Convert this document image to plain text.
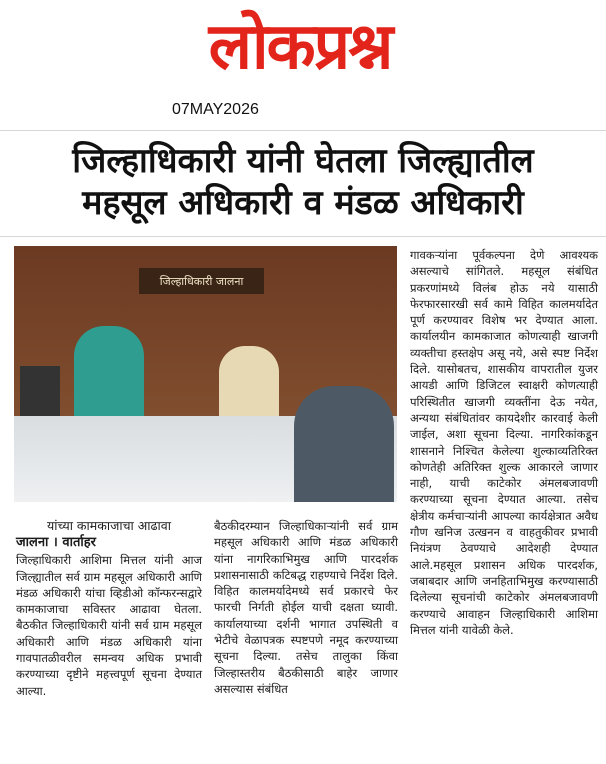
लोकप्रश्न
07MAY2026
जिल्हाधिकारी यांनी घेतला जिल्ह्यातील
महसूल अधिकारी व मंडळ अधिकारी
जिल्हाधिकारी जालना

यांच्या कामकाजाचा आढावा

जालना । वार्ताहर

जिल्हाधिकारी आशिमा मित्तल यांनी आज जिल्ह्यातील सर्व ग्राम महसूल अधिकारी आणि मंडळ अधिकारी यांचा व्हिडीओ कॉन्फरन्सद्वारे कामकाजाचा सविस्तर आढावा घेतला. बैठकीत जिल्हाधिकारी यांनी सर्व ग्राम महसूल अधिकारी आणि मंडळ अधिकारी यांना गावपातळीवरील समन्वय अधिक प्रभावी करण्याच्या दृष्टीने महत्त्वपूर्ण सूचना देण्यात आल्या.

बैठकीदरम्यान जिल्हाधिकाऱ्यांनी सर्व ग्राम महसूल अधिकारी आणि मंडळ अधिकारी यांना नागरिकाभिमुख आणि पारदर्शक प्रशासनासाठी कटिबद्ध राहण्याचे निर्देश दिले. विहित कालमर्यादेमध्ये सर्व प्रकारचे फेर फारची निर्गती होईल याची दक्षता घ्यावी. कार्यालयाच्या दर्शनी भागात उपस्थिती व भेटीचे वेळापत्रक स्पष्टपणे नमूद करण्याच्या सूचना दिल्या. तसेच तालुका किंवा जिल्हास्तरीय बैठकीसाठी बाहेर जाणार असल्यास संबंधित

गावकऱ्यांना पूर्वकल्पना देणे आवश्यक असल्याचे सांगितले. महसूल संबंधित प्रकरणांमध्ये विलंब होऊ नये यासाठी फेरफारसारखी सर्व कामे विहित कालमर्यादेत पूर्ण करण्यावर विशेष भर देण्यात आला. कार्यालयीन कामकाजात कोणत्याही खाजगी व्यक्तीचा हस्तक्षेप असू नये, असे स्पष्ट निर्देश दिले. यासोबतच, शासकीय वापरातील युजर आयडी आणि डिजिटल स्वाक्षरी कोणत्याही परिस्थितीत खाजगी व्यक्तींना देऊ नयेत, अन्यथा संबंधितांवर कायदेशीर कारवाई केली जाईल, अशा सूचना दिल्या. नागरिकांकडून शासनाने निश्चित केलेल्या शुल्काव्यतिरिक्त कोणतेही अतिरिक्त शुल्क आकारले जाणार नाही, याची काटेकोर अंमलबजावणी करण्याच्या सूचना देण्यात आल्या. तसेच क्षेत्रीय कर्मचाऱ्यांनी आपल्या कार्यक्षेत्रात अवैध गौण खनिज उत्खनन व वाहतुकीवर प्रभावी नियंत्रण ठेवण्याचे आदेशही देण्यात आले.महसूल प्रशासन अधिक पारदर्शक, जबाबदार आणि जनहिताभिमुख करण्यासाठी दिलेल्या सूचनांची काटेकोर अंमलबजावणी करण्याचे आवाहन जिल्हाधिकारी आशिमा मित्तल यांनी यावेळी केले.
